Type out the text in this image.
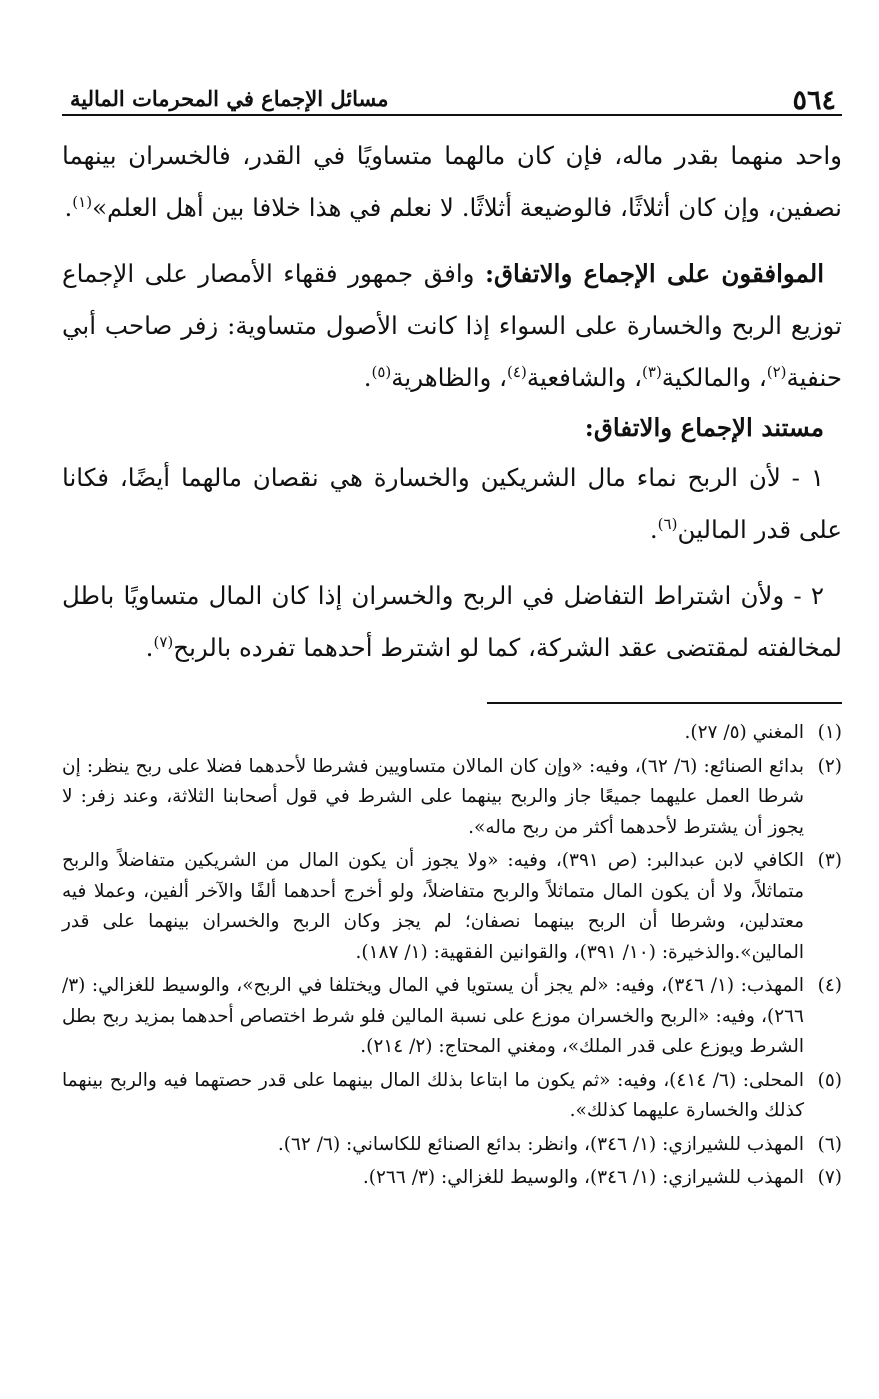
٥٦٤
مسائل الإجماع في المحرمات المالية

واحد منهما بقدر ماله، فإن كان مالهما متساويًا في القدر، فالخسران بينهما نصفين، وإن كان أثلاثًا، فالوضيعة أثلاثًا. لا نعلم في هذا خلافا بين أهل العلم»$^{(١)}$.

الموافقون على الإجماع والاتفاق: وافق جمهور فقهاء الأمصار على الإجماع توزيع الربح والخسارة على السواء إذا كانت الأصول متساوية: زفر صاحب أبي حنفية$^{(٢)}$، والمالكية$^{(٣)}$، والشافعية$^{(٤)}$، والظاهرية$^{(٥)}$.

مستند الإجماع والاتفاق:

١ - لأن الربح نماء مال الشريكين والخسارة هي نقصان مالهما أيضًا، فكانا على قدر المالين$^{(٦)}$.

٢ - ولأن اشتراط التفاضل في الربح والخسران إذا كان المال متساويًا باطل لمخالفته لمقتضى عقد الشركة، كما لو اشترط أحدهما تفرده بالربح$^{(٧)}$.

(١)
المغني (٥/ ٢٧).
(٢)
بدائع الصنائع: (٦/ ٦٢)، وفيه: «وإن كان المالان متساويين فشرطا لأحدهما فضلا على ربح ينظر: إن شرطا العمل عليهما جميعًا جاز والربح بينهما على الشرط في قول أصحابنا الثلاثة، وعند زفر: لا يجوز أن يشترط لأحدهما أكثر من ربح ماله».
(٣)
الكافي لابن عبدالبر: (ص ٣٩١)، وفيه: «ولا يجوز أن يكون المال من الشريكين متفاضلاً والربح متماثلاً، ولا أن يكون المال متماثلاً والربح متفاضلاً، ولو أخرج أحدهما ألفًا والآخر ألفين، وعملا فيه معتدلين، وشرطا أن الربح بينهما نصفان؛ لم يجز وكان الربح والخسران بينهما على قدر المالين».والذخيرة: (١٠/ ٣٩١)، والقوانين الفقهية: (١/ ١٨٧).
(٤)
المهذب: (١/ ٣٤٦)، وفيه: «لم يجز أن يستويا في المال ويختلفا في الربح»، والوسيط للغزالي: (٣/ ٢٦٦)، وفيه: «الربح والخسران موزع على نسبة المالين فلو شرط اختصاص أحدهما بمزيد ربح بطل الشرط ويوزع على قدر الملك»، ومغني المحتاج: (٢/ ٢١٤).
(٥)
المحلى: (٦/ ٤١٤)، وفيه: «ثم يكون ما ابتاعا بذلك المال بينهما على قدر حصتهما فيه والربح بينهما كذلك والخسارة عليهما كذلك».
(٦)
المهذب للشيرازي: (١/ ٣٤٦)، وانظر: بدائع الصنائع للكاساني: (٦/ ٦٢).
(٧)
المهذب للشيرازي: (١/ ٣٤٦)، والوسيط للغزالي: (٣/ ٢٦٦).
